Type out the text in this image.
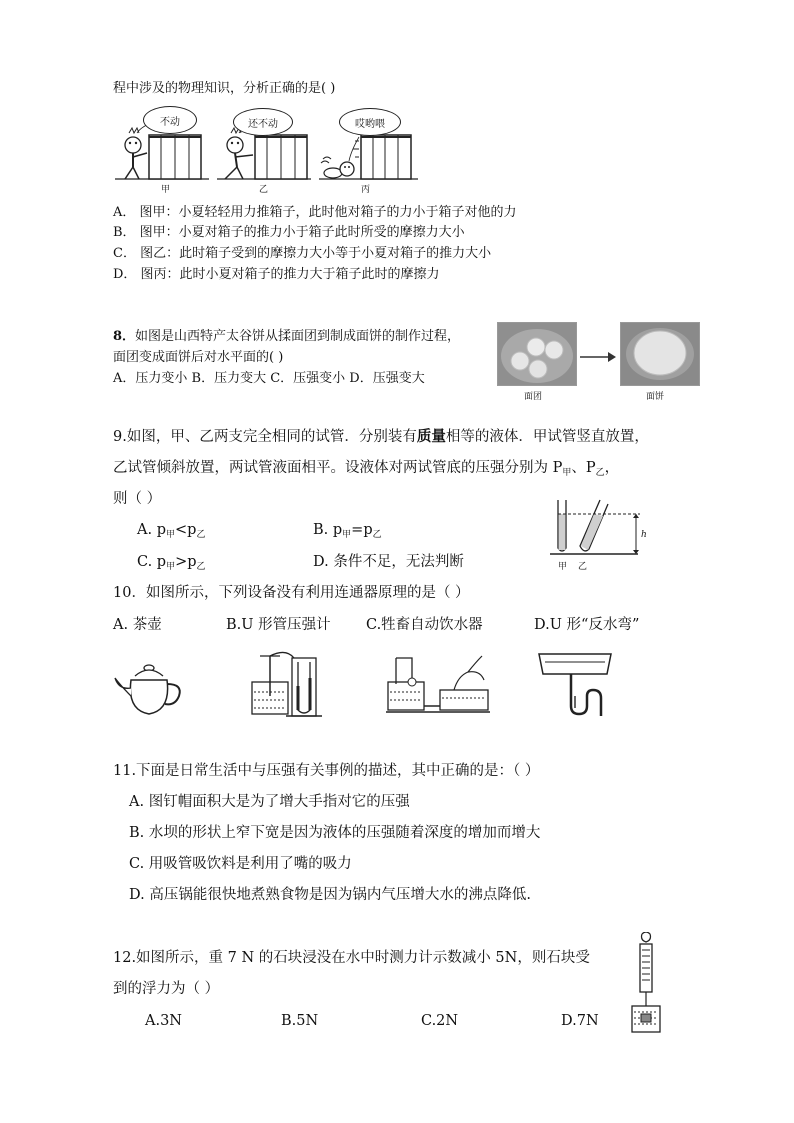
程中涉及的物理知识，分析正确的是( )
不动	还不动	哎哟喂
甲	乙	丙
A． 图甲：小夏轻轻用力推箱子，此时他对箱子的力小于箱子对他的力
B． 图甲：小夏对箱子的推力小于箱子此时所受的摩擦力大小
C． 图乙：此时箱子受到的摩擦力大小等于小夏对箱子的推力大小
D． 图丙：此时小夏对箱子的推力大于箱子此时的摩擦力
8．如图是山西特产太谷饼从揉面团到制成面饼的制作过程，
面团变成面饼后对水平面的( )
A．压力变小 B．压力变大 C．压强变小 D．压强变大
面团	面饼
9.如图，甲、乙两支完全相同的试管．分别装有质量相等的液体．甲试管竖直放置，
乙试管倾斜放置，两试管液面相平。设液体对两试管底的压强分别为 $P_甲$、$P_乙$，
则（ ）
A. $p_甲<p_乙$	B. $p_甲=p_乙$
C. $p_甲>p_乙$	D. 条件不足，无法判断
h
甲 乙
10．如图所示，下列设备没有利用连通器原理的是（ ）
A. 茶壶	B.U 形管压强计 C.牲畜自动饮水器	D.U 形“反水弯”
11.下面是日常生活中与压强有关事例的描述，其中正确的是：（ ）
A. 图钉帽面积大是为了增大手指对它的压强
B. 水坝的形状上窄下宽是因为液体的压强随着深度的增加而增大
C. 用吸管吸饮料是利用了嘴的吸力
D. 高压锅能很快地煮熟食物是因为锅内气压增大水的沸点降低.
12.如图所示，重 7 N 的石块浸没在水中时测力计示数减小 5N，则石块受
到的浮力为（ ）
A.3N	B.5N	C.2N	D.7N
